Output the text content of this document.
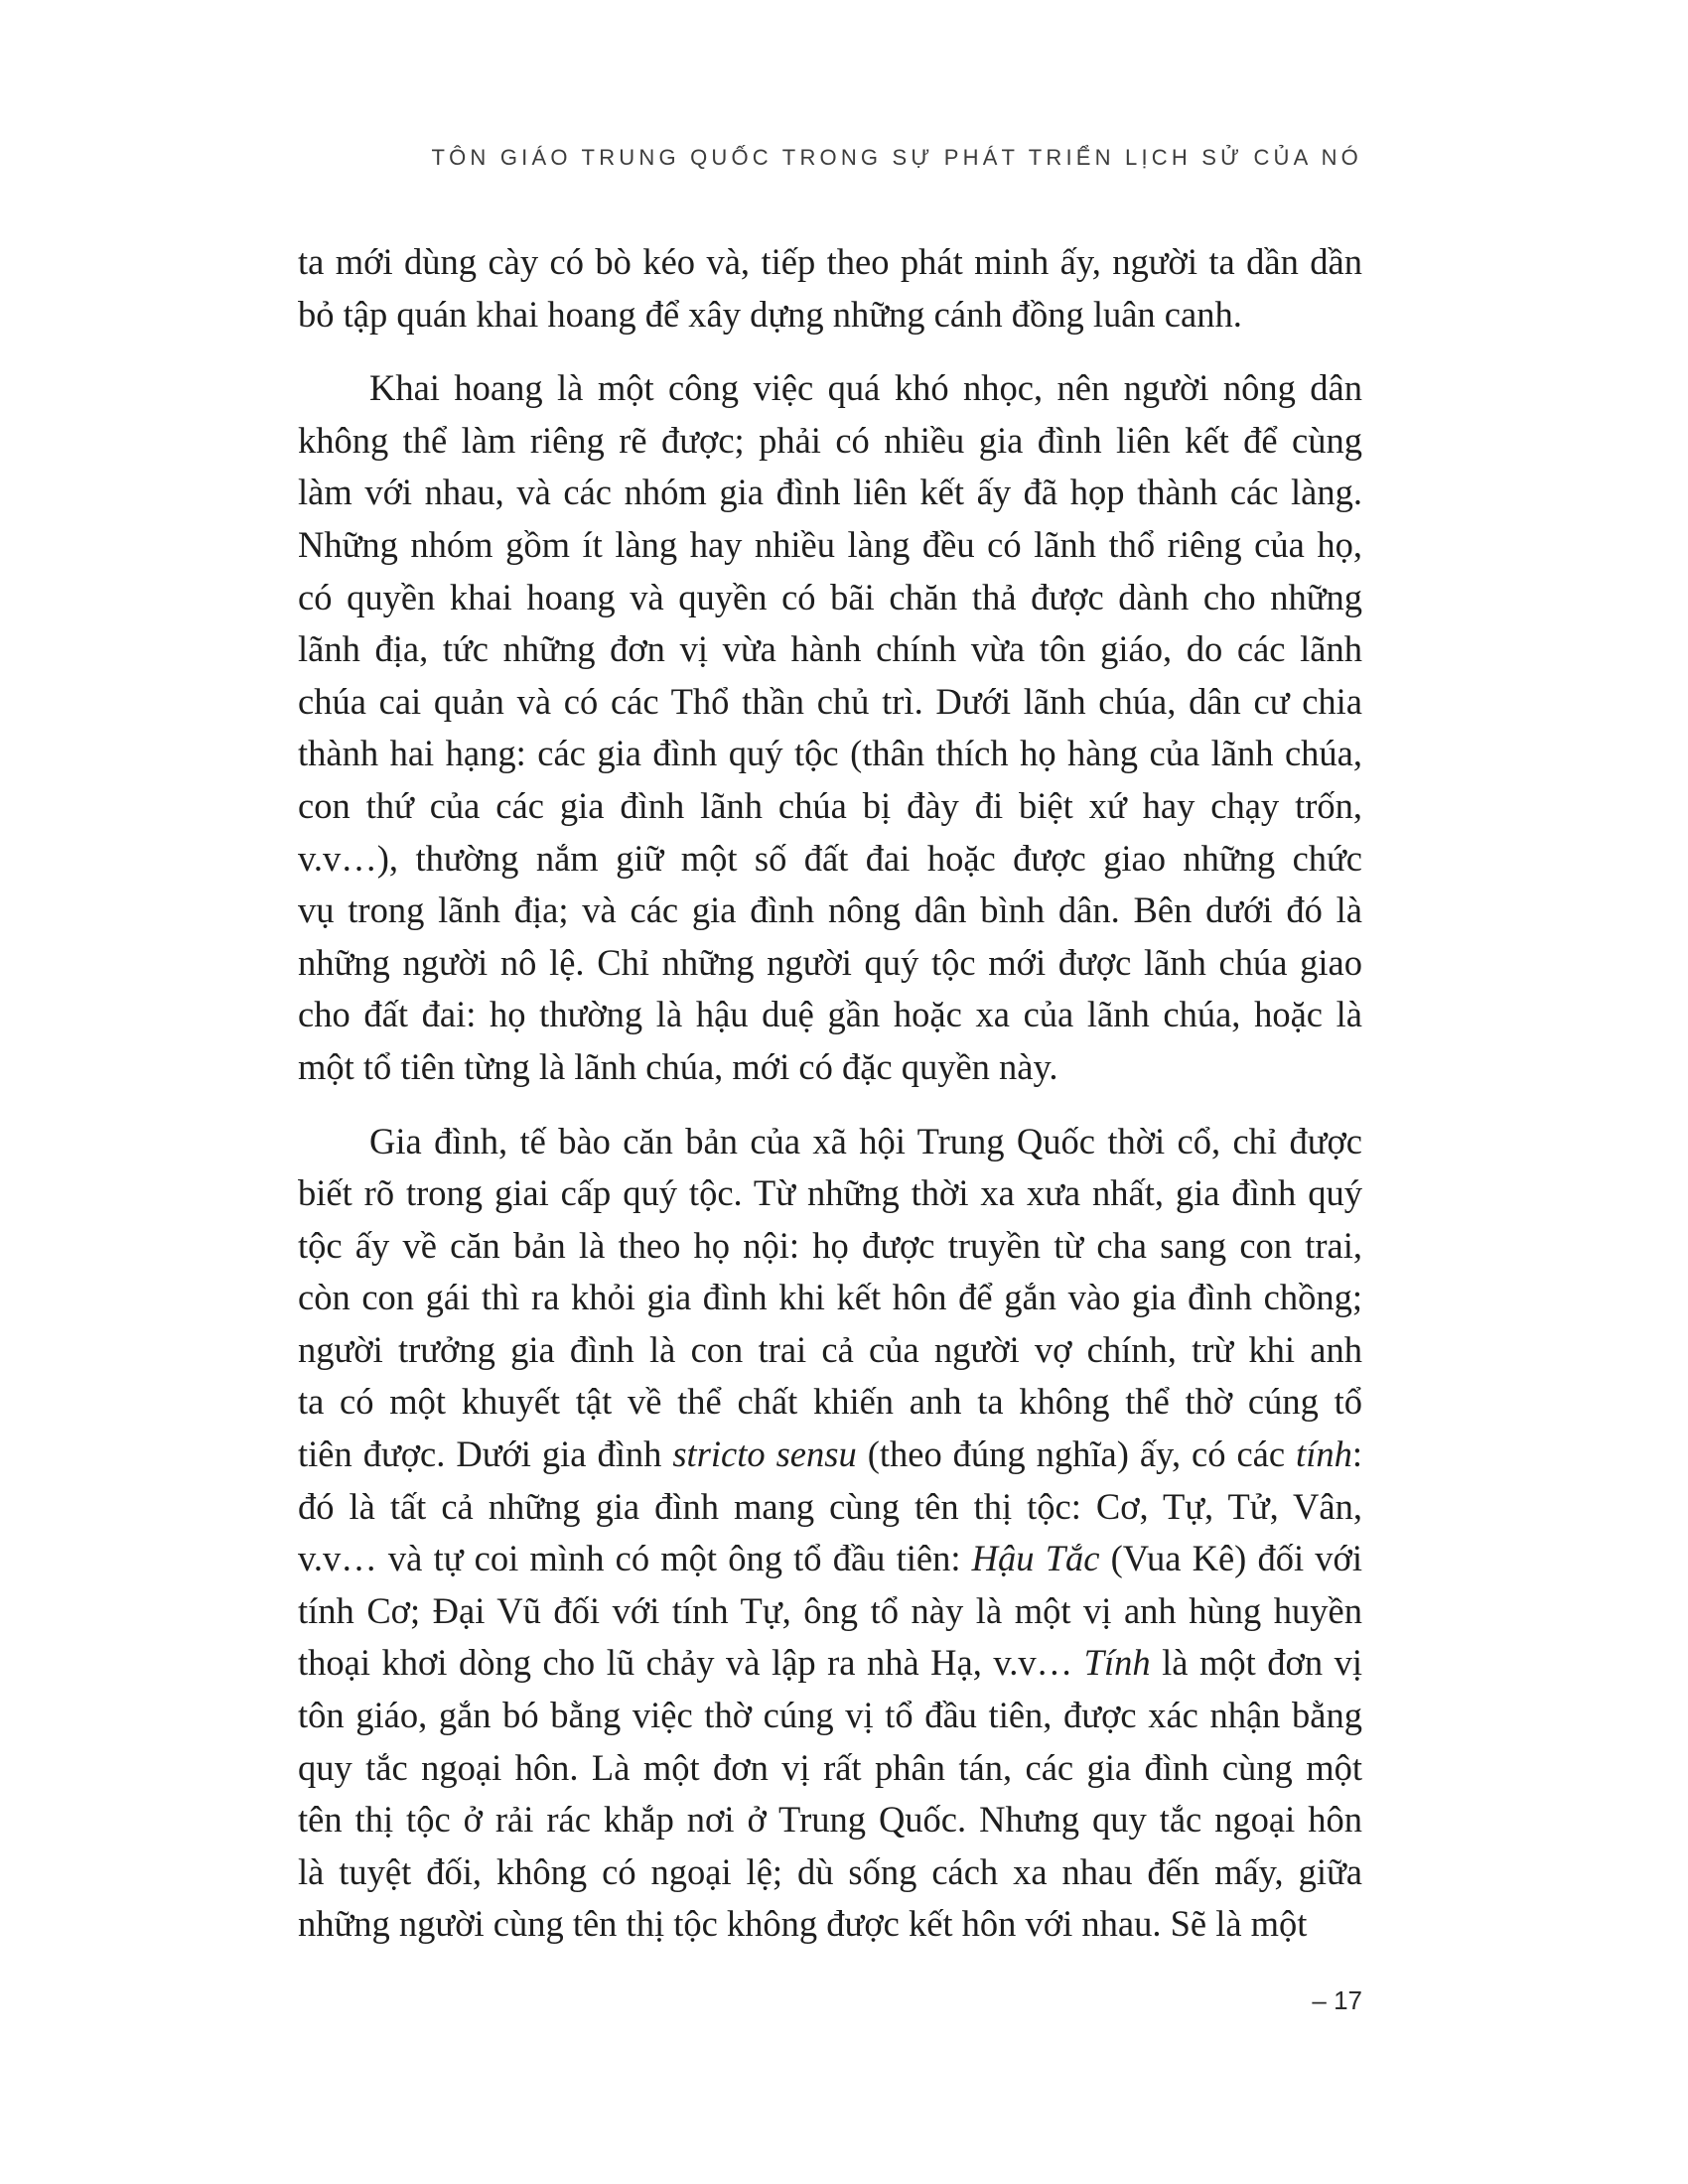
TÔN GIÁO TRUNG QUỐC TRONG SỰ PHÁT TRIỂN LỊCH SỬ CỦA NÓ
ta mới dùng cày có bò kéo và, tiếp theo phát minh ấy, người ta dần dần
bỏ tập quán khai hoang để xây dựng những cánh đồng luân canh.
Khai hoang là một công việc quá khó nhọc, nên người nông dân
không thể làm riêng rẽ được; phải có nhiều gia đình liên kết để cùng
làm với nhau, và các nhóm gia đình liên kết ấy đã họp thành các làng.
Những nhóm gồm ít làng hay nhiều làng đều có lãnh thổ riêng của họ,
có quyền khai hoang và quyền có bãi chăn thả được dành cho những
lãnh địa, tức những đơn vị vừa hành chính vừa tôn giáo, do các lãnh
chúa cai quản và có các Thổ thần chủ trì. Dưới lãnh chúa, dân cư chia
thành hai hạng: các gia đình quý tộc (thân thích họ hàng của lãnh chúa,
con thứ của các gia đình lãnh chúa bị đày đi biệt xứ hay chạy trốn,
v.v…), thường nắm giữ một số đất đai hoặc được giao những chức
vụ trong lãnh địa; và các gia đình nông dân bình dân. Bên dưới đó là
những người nô lệ. Chỉ những người quý tộc mới được lãnh chúa giao
cho đất đai: họ thường là hậu duệ gần hoặc xa của lãnh chúa, hoặc là
một tổ tiên từng là lãnh chúa, mới có đặc quyền này.
Gia đình, tế bào căn bản của xã hội Trung Quốc thời cổ, chỉ được
biết rõ trong giai cấp quý tộc. Từ những thời xa xưa nhất, gia đình quý
tộc ấy về căn bản là theo họ nội: họ được truyền từ cha sang con trai,
còn con gái thì ra khỏi gia đình khi kết hôn để gắn vào gia đình chồng;
người trưởng gia đình là con trai cả của người vợ chính, trừ khi anh
ta có một khuyết tật về thể chất khiến anh ta không thể thờ cúng tổ
tiên được. Dưới gia đình stricto sensu (theo đúng nghĩa) ấy, có các tính:
đó là tất cả những gia đình mang cùng tên thị tộc: Cơ, Tự, Tử, Vân,
v.v… và tự coi mình có một ông tổ đầu tiên: Hậu Tắc (Vua Kê) đối với
tính Cơ; Đại Vũ đối với tính Tự, ông tổ này là một vị anh hùng huyền
thoại khơi dòng cho lũ chảy và lập ra nhà Hạ, v.v… Tính là một đơn vị
tôn giáo, gắn bó bằng việc thờ cúng vị tổ đầu tiên, được xác nhận bằng
quy tắc ngoại hôn. Là một đơn vị rất phân tán, các gia đình cùng một
tên thị tộc ở rải rác khắp nơi ở Trung Quốc. Nhưng quy tắc ngoại hôn
là tuyệt đối, không có ngoại lệ; dù sống cách xa nhau đến mấy, giữa
những người cùng tên thị tộc không được kết hôn với nhau. Sẽ là một
– 17
